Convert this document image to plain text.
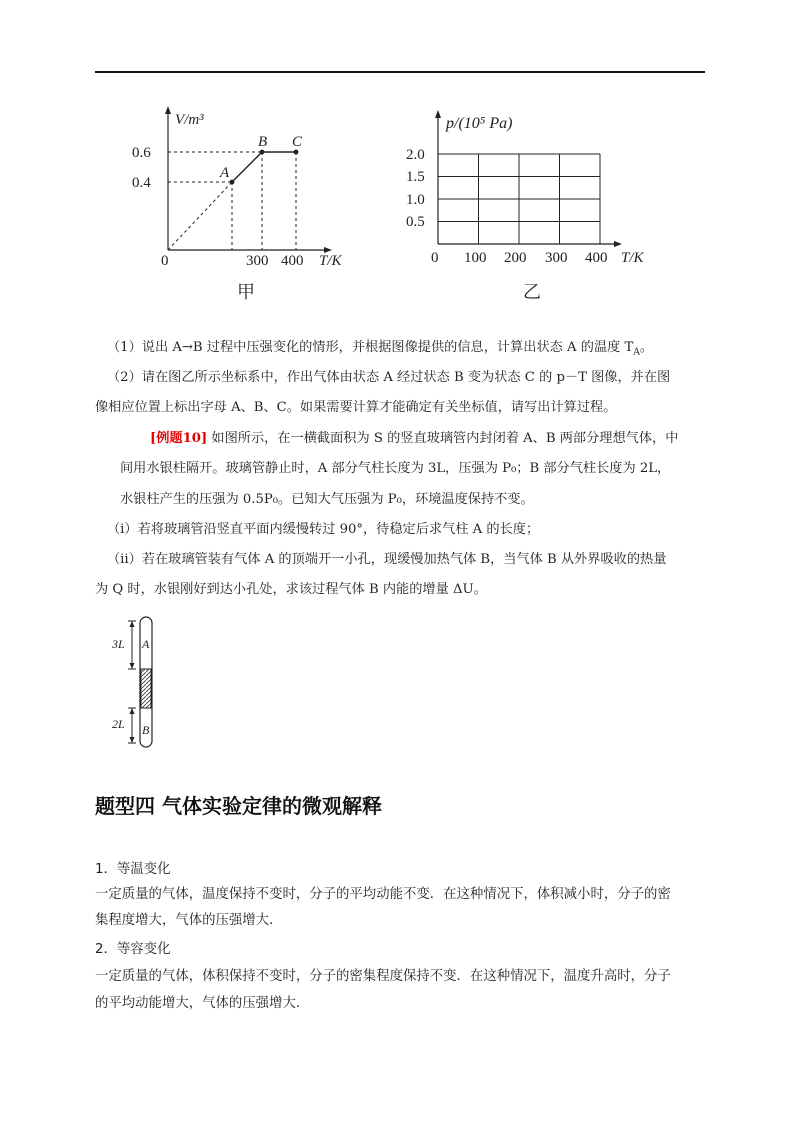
V/m³
0.6
0.4
0	300 400 T/K
A
B C
甲
p/(10⁵ Pa)
2.0
1.5
1.0
0.5
0 100 200 300 400 T/K
乙

（1）说出 A→B 过程中压强变化的情形，并根据图像提供的信息，计算出状态 A 的温度 $T_A$。

（2）请在图乙所示坐标系中，作出气体由状态 A 经过状态 B 变为状态 C 的 p－T 图像，并在图

像相应位置上标出字母 A、B、C。如果需要计算才能确定有关坐标值，请写出计算过程。

[例题10] 如图所示，在一横截面积为 S 的竖直玻璃管内封闭着 A、B 两部分理想气体，中

间用水银柱隔开。玻璃管静止时，A 部分气柱长度为 3L，压强为 P₀；B 部分气柱长度为 2L，

水银柱产生的压强为 0.5P₀。已知大气压强为 P₀，环境温度保持不变。

（i）若将玻璃管沿竖直平面内缓慢转过 90°，待稳定后求气柱 A 的长度；

（ii）若在玻璃管装有气体 A 的顶端开一小孔，现缓慢加热气体 B，当气体 B 从外界吸收的热量

为 Q 时，水银刚好到达小孔处，求该过程气体 B 内能的增量 ΔU。

3L A
2L B
题型四 气体实验定律的微观解释

1．等温变化

一定质量的气体，温度保持不变时，分子的平均动能不变．在这种情况下，体积减小时，分子的密

集程度增大，气体的压强增大．

2．等容变化

一定质量的气体，体积保持不变时，分子的密集程度保持不变．在这种情况下，温度升高时，分子

的平均动能增大，气体的压强增大．
